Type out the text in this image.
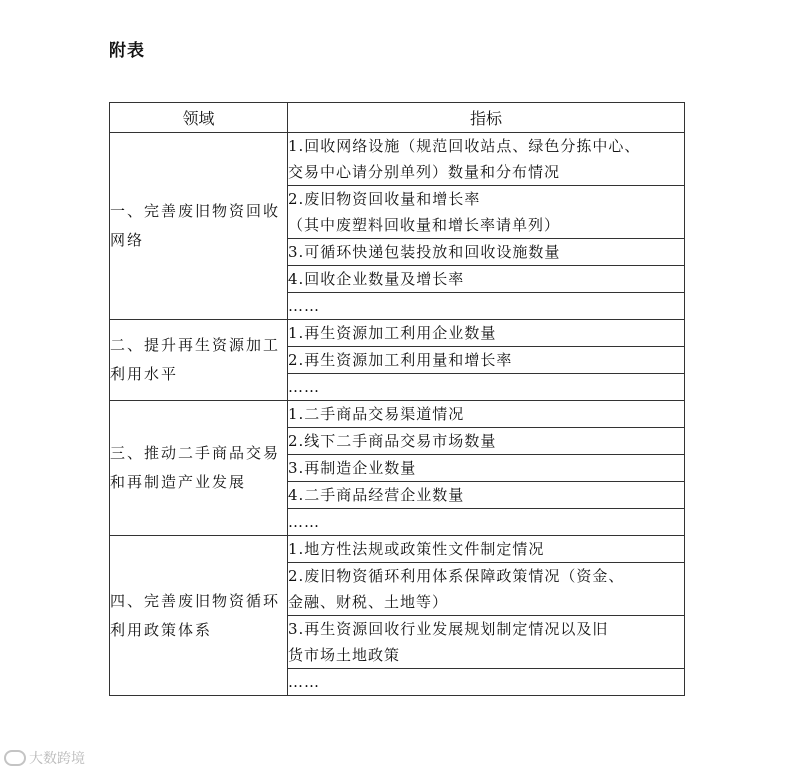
附表
领域	指标
一、完善废旧物资回收网络	1.回收网络设施（规范回收站点、绿色分拣中心、
交易中心请分别单列）数量和分布情况

	2.废旧物资回收量和增长率
（其中废塑料回收量和增长率请单列）

	3.可循环快递包装投放和回收设施数量

	4.回收企业数量及增长率

	……

二、提升再生资源加工利用水平	1.再生资源加工利用企业数量

	2.再生资源加工利用量和增长率

	……

三、推动二手商品交易和再制造产业发展	1.二手商品交易渠道情况

	2.线下二手商品交易市场数量

	3.再制造企业数量

	4.二手商品经营企业数量

	……

四、完善废旧物资循环利用政策体系	1.地方性法规或政策性文件制定情况

	2.废旧物资循环利用体系保障政策情况（资金、
金融、财税、土地等）

	3.再生资源回收行业发展规划制定情况以及旧
货市场土地政策

	……
大数跨境
